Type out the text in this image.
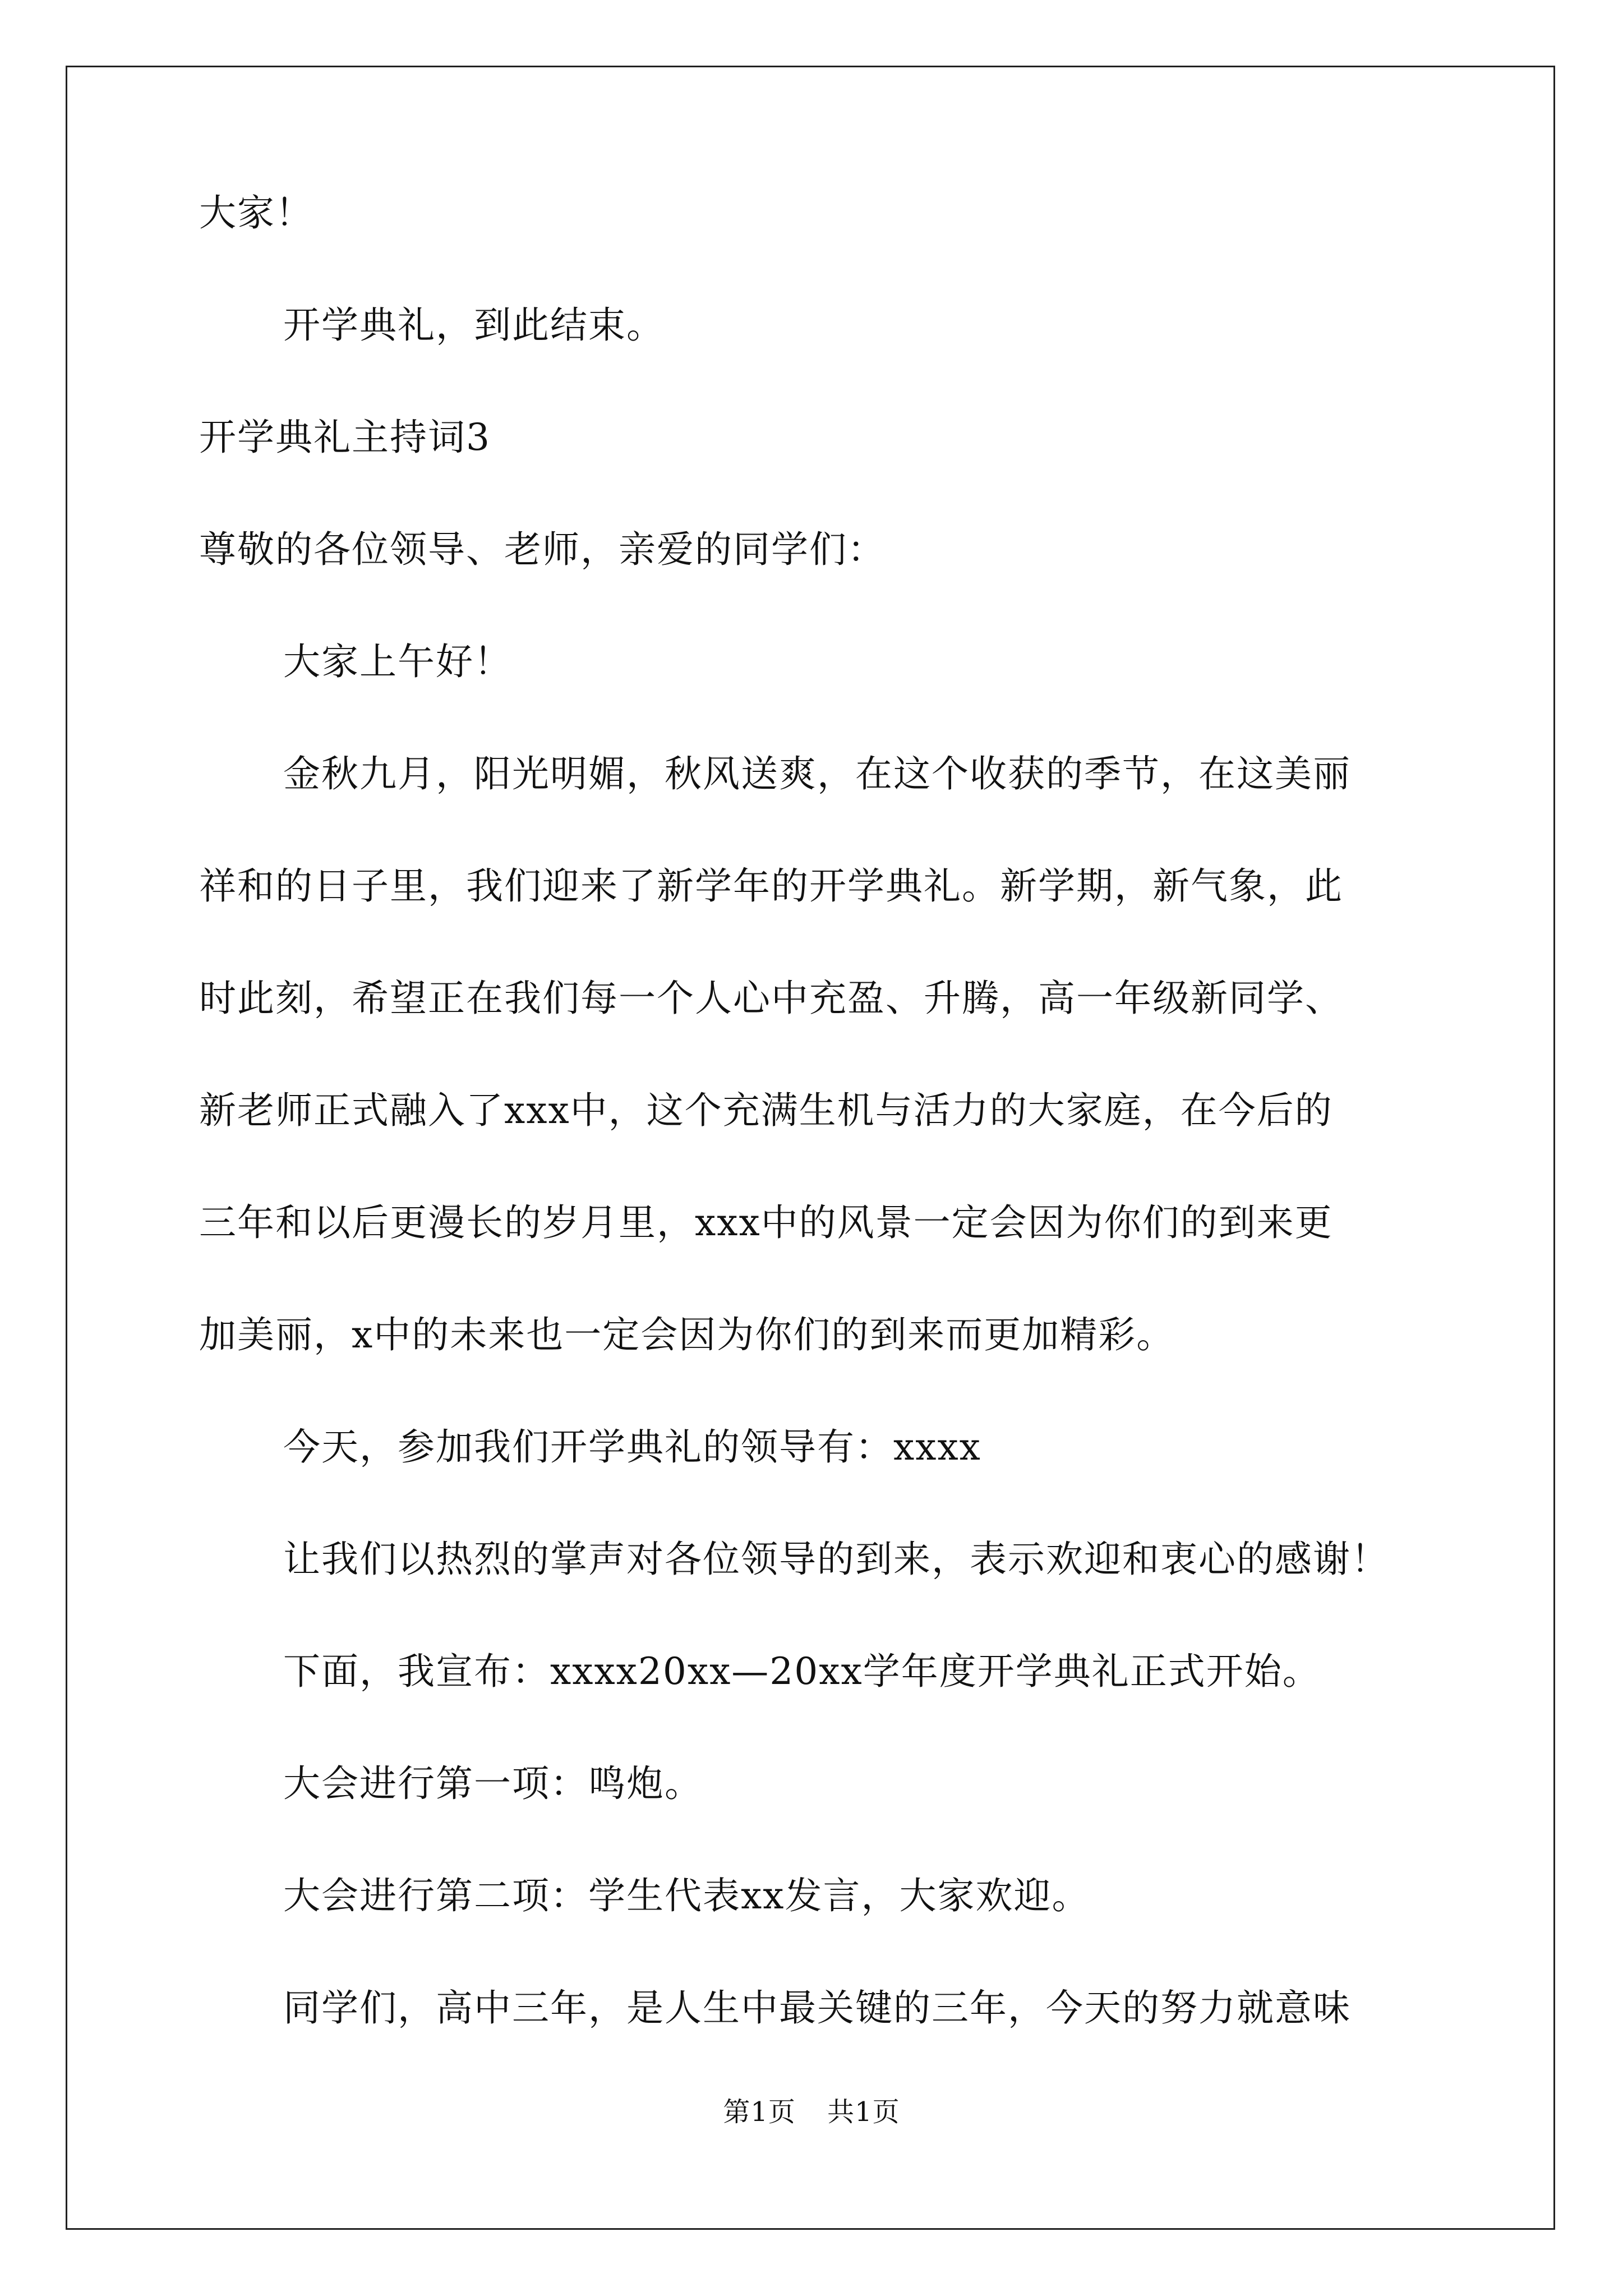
大家！
开学典礼，到此结束。
开学典礼主持词3
尊敬的各位领导、老师，亲爱的同学们：
大家上午好！
金秋九月，阳光明媚，秋风送爽，在这个收获的季节，在这美丽
祥和的日子里，我们迎来了新学年的开学典礼。新学期，新气象，此
时此刻，希望正在我们每一个人心中充盈、升腾，高一年级新同学、
新老师正式融入了xxx中，这个充满生机与活力的大家庭，在今后的
三年和以后更漫长的岁月里，xxx中的风景一定会因为你们的到来更
加美丽，x中的未来也一定会因为你们的到来而更加精彩。
今天，参加我们开学典礼的领导有：xxxx
让我们以热烈的掌声对各位领导的到来，表示欢迎和衷心的感谢！
下面，我宣布：xxxx20xx—20xx学年度开学典礼正式开始。
大会进行第一项：鸣炮。
大会进行第二项：学生代表xx发言，大家欢迎。
同学们，高中三年，是人生中最关键的三年，今天的努力就意味
第1页 共1页
